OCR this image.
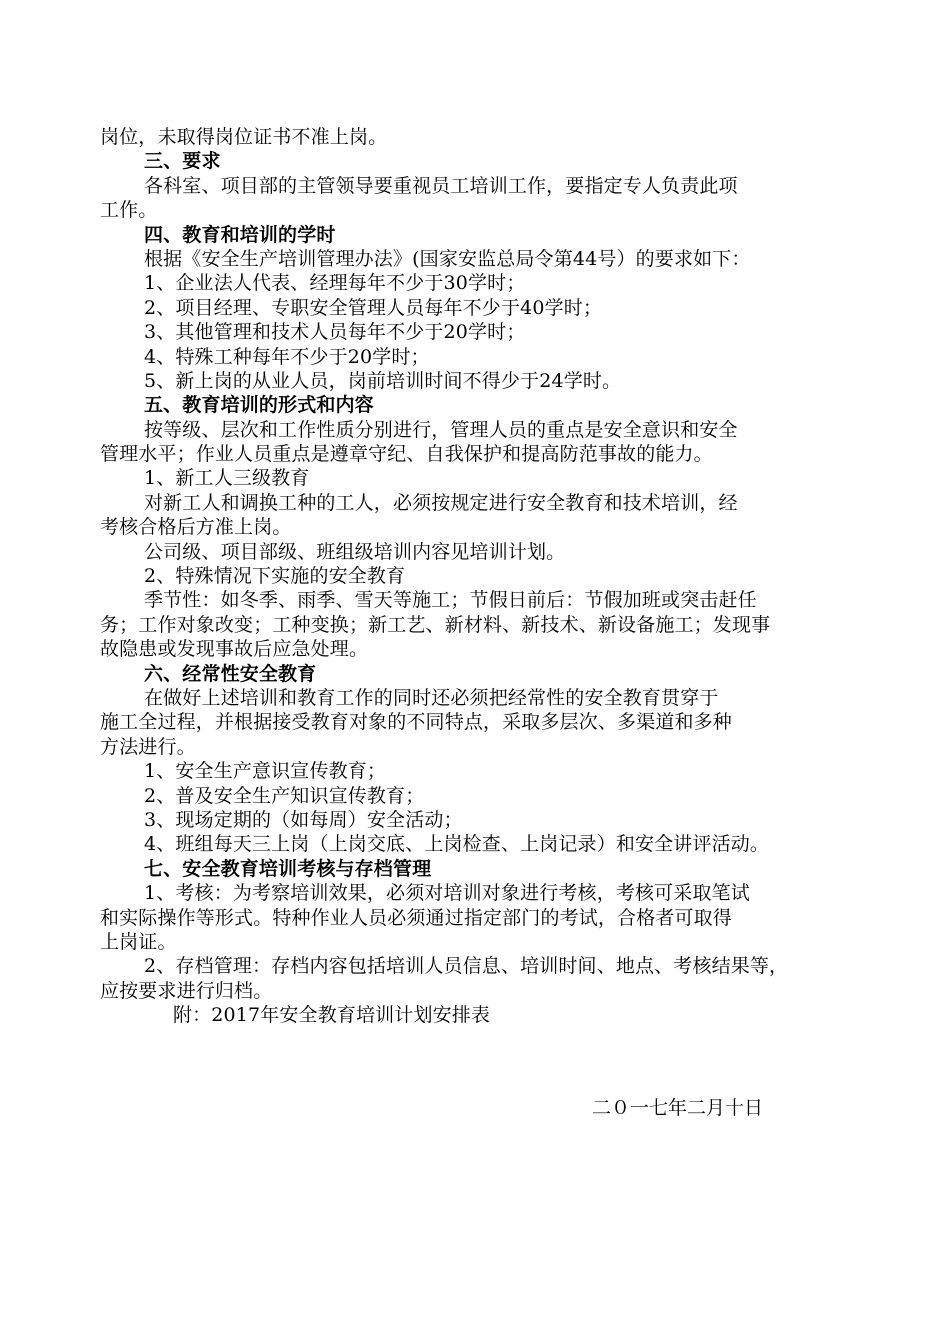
岗位，未取得岗位证书不准上岗。
三、要求
各科室、项目部的主管领导要重视员工培训工作，要指定专人负责此项
工作。
四、教育和培训的学时
根据《安全生产培训管理办法》(国家安监总局令第44号）的要求如下：
1、企业法人代表、经理每年不少于30学时；
2、项目经理、专职安全管理人员每年不少于40学时；
3、其他管理和技术人员每年不少于20学时；
4、特殊工种每年不少于20学时；
5、新上岗的从业人员，岗前培训时间不得少于24学时。
五、教育培训的形式和内容
按等级、层次和工作性质分别进行，管理人员的重点是安全意识和安全
管理水平；作业人员重点是遵章守纪、自我保护和提高防范事故的能力。
1、新工人三级教育
对新工人和调换工种的工人，必须按规定进行安全教育和技术培训，经
考核合格后方准上岗。
公司级、项目部级、班组级培训内容见培训计划。
2、特殊情况下实施的安全教育
季节性：如冬季、雨季、雪天等施工；节假日前后：节假加班或突击赶任
务；工作对象改变；工种变换；新工艺、新材料、新技术、新设备施工；发现事
故隐患或发现事故后应急处理。
六、经常性安全教育
在做好上述培训和教育工作的同时还必须把经常性的安全教育贯穿于
施工全过程，并根据接受教育对象的不同特点，采取多层次、多渠道和多种
方法进行。
1、安全生产意识宣传教育；
2、普及安全生产知识宣传教育；
3、现场定期的（如每周）安全活动；
4、班组每天三上岗（上岗交底、上岗检查、上岗记录）和安全讲评活动。
七、安全教育培训考核与存档管理
1、考核：为考察培训效果，必须对培训对象进行考核，考核可采取笔试
和实际操作等形式。特种作业人员必须通过指定部门的考试，合格者可取得
上岗证。
2、存档管理：存档内容包括培训人员信息、培训时间、地点、考核结果等，
应按要求进行归档。
附：2017年安全教育培训计划安排表
二０一七年二月十日
